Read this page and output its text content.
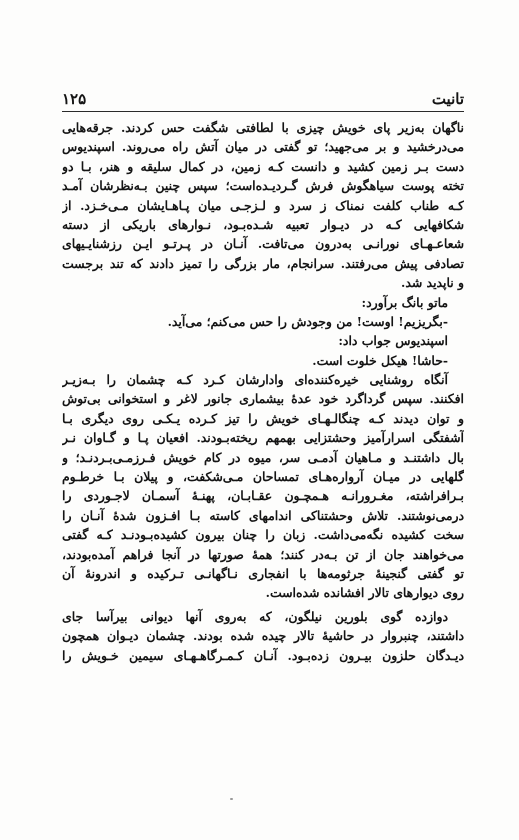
تانیت
۱۲۵
ناگهان به‌زیر پای خویش چیزی با لطافتی شگفت حس کردند. جرقه‌هایی
می‌درخشید و بر می‌جهید؛ تو گفتی در میان آتش راه می‌روند. اسپندیوس
دست بـر زمین کشید و دانست کـه زمین، در کمال سلیقه و هنر، بـا دو
تخته پوست سیاهگوش فرش گـردیـده‌است؛ سپس چنین بـه‌نظرشان آمـد
کـه طناب کلفت نمناک ز سرد و لـزجـی میان پـاهـایشان مـی‌خـزد. از
شکافهایی کـه در دیـوار تعبیه شـده‌بـود، نـوارهای باریکی از دسته
شعاعـهـای نورانـی به‌درون می‌تافت. آنـان در پـرتـو ایـن رزشنایـیهای
تصادفی پیش می‌رفتند. سرانجام، مار بزرگی را تمیز دادند که تند برجست
و ناپدید شد.
ماتو بانگ برآورد:
-بگریزیم! اوست! من وجودش را حس می‌کنم؛ می‌آید.
اسپندیوس جواب داد:
-حاشا! هیکل خلوت است.
آنگاه روشنایی خیره‌کننده‌ای وادارشان کـرد کـه چشمان را بـه‌زیـر
افکنند. سپس گرداگرد خود عدهٔ بیشماری جانور لاغر و استخوانی بی‌توش
و توان دیدند کـه چنگالـهـای خویش را تیز کـرده یـکـی روی دیگری بـا
آشفتگی اسرارآمیز وحشتزایی بهمهم ریخته‌بـودند. افعیان پـا و گـاوان نـر
بال داشتنـد و مـاهیان آدمـی سر، میوه در کام خویش فـرزمـی‌بـردنـد؛ و
گلهایی در میـان آرواره‌هـای تمساحان مـی‌شکفت، و پیلان بـا خرطـوم
بـرافراشته، مغـرورانـه هـمچـون عقـابـان، پهنـهٔ آسمـان لاجـوردی را
درمی‌نوشتند. تلاش وحشتناکی اندامهای کاسته بـا افـزون شدهٔ آنـان را
سخت کشیده نگه‌می‌داشت. زبان را چنان بیرون کشیده‌بـودنـد کـه گفتی
می‌خواهند جان از تن بـه‌در کنند؛ همهٔ صورتها در آنجا فراهم آمده‌بودند،
تو گفتی گنجینهٔ جرثومه‌ها با انفجاری نـاگهانـی تـرکیده و اندرونهٔ آن
روی دیوارهای تالار افشانده شده‌است.
دوازده گوی بلورین نیلگون، که به‌روی آنها دیوانی بیرآسا جای
داشتند، چنبروار در حاشیهٔ تالار چیده شده بودند. چشمان دیـوان همچون
دیـدگان حلزون بیـرون زده‌بـود. آنـان کـمـرگاهـهـای سیمین خـویش را
